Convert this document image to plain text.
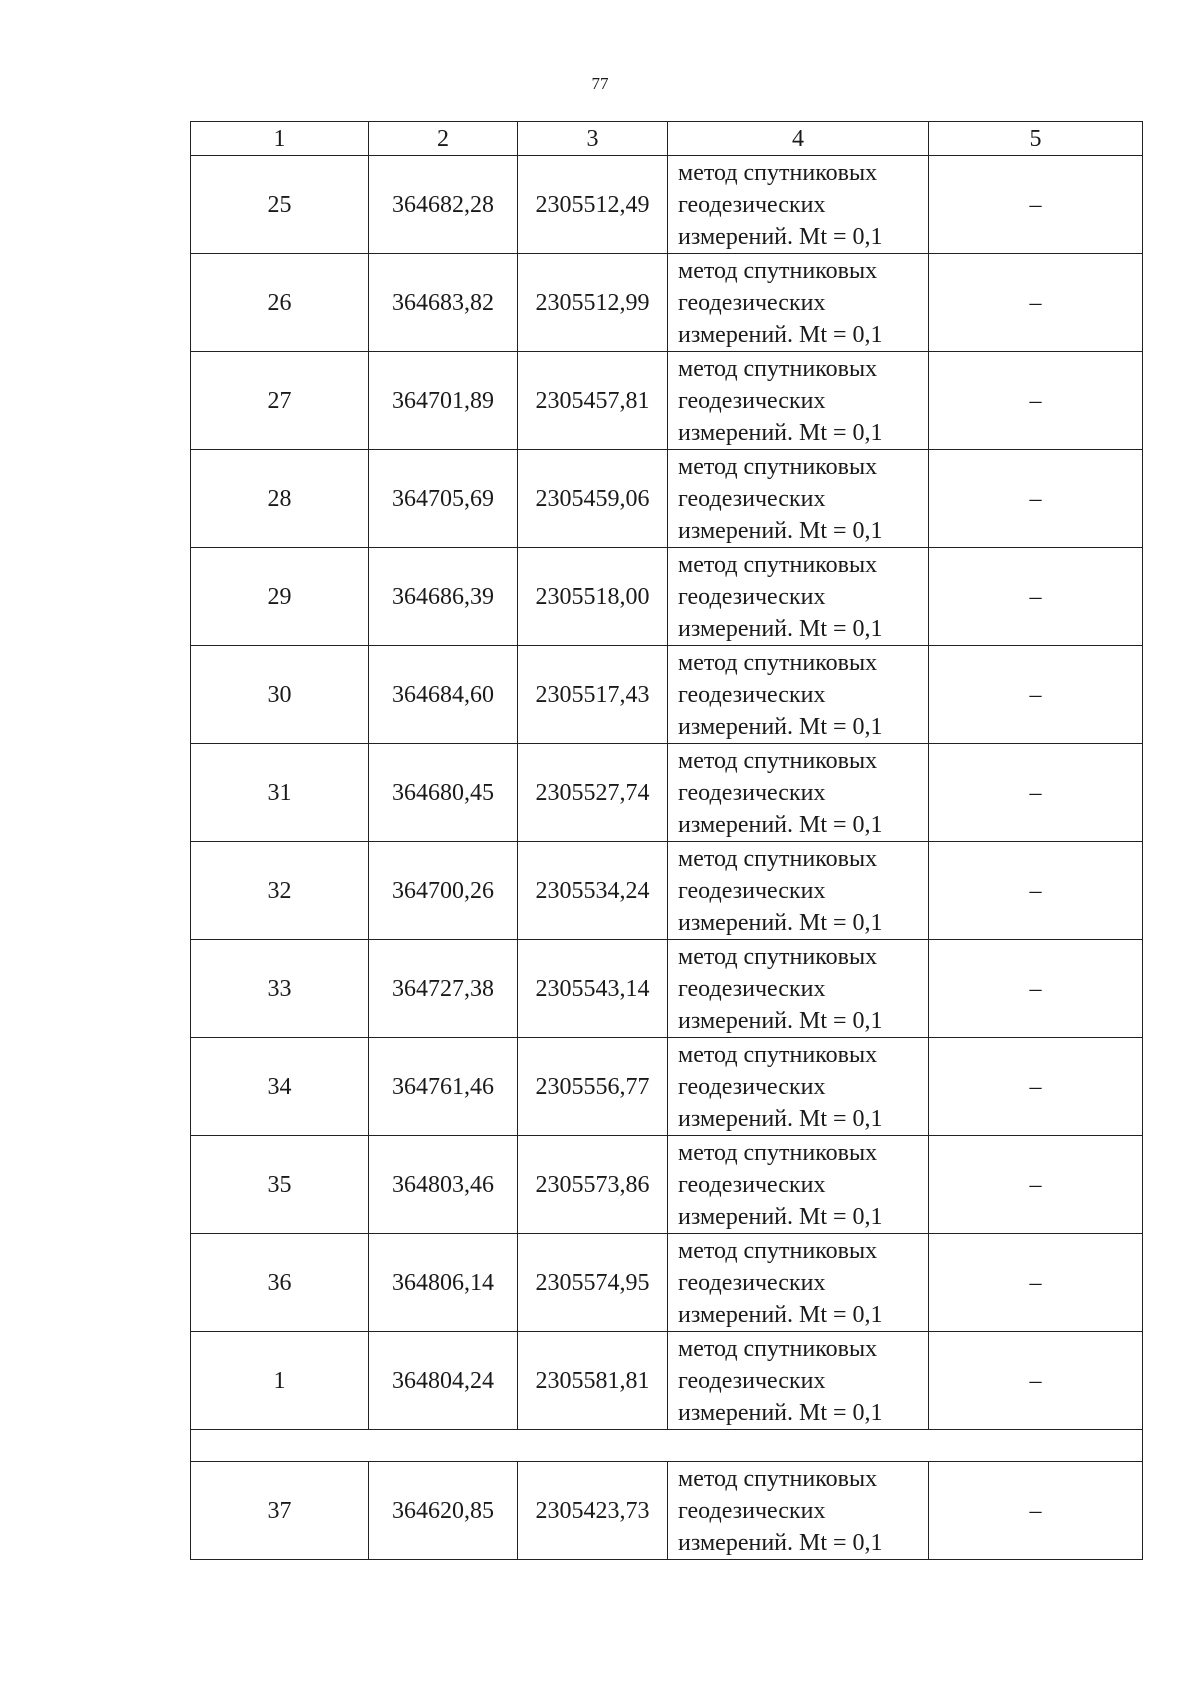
77
1	2	3	4	5
25	364682,28	2305512,49	метод спутниковых
геодезических
измерений. Mt = 0,1	–
26	364683,82	2305512,99	метод спутниковых
геодезических
измерений. Mt = 0,1	–
27	364701,89	2305457,81	метод спутниковых
геодезических
измерений. Mt = 0,1	–
28	364705,69	2305459,06	метод спутниковых
геодезических
измерений. Mt = 0,1	–
29	364686,39	2305518,00	метод спутниковых
геодезических
измерений. Mt = 0,1	–
30	364684,60	2305517,43	метод спутниковых
геодезических
измерений. Mt = 0,1	–
31	364680,45	2305527,74	метод спутниковых
геодезических
измерений. Mt = 0,1	–
32	364700,26	2305534,24	метод спутниковых
геодезических
измерений. Mt = 0,1	–
33	364727,38	2305543,14	метод спутниковых
геодезических
измерений. Mt = 0,1	–
34	364761,46	2305556,77	метод спутниковых
геодезических
измерений. Mt = 0,1	–
35	364803,46	2305573,86	метод спутниковых
геодезических
измерений. Mt = 0,1	–
36	364806,14	2305574,95	метод спутниковых
геодезических
измерений. Mt = 0,1	–
1	364804,24	2305581,81	метод спутниковых
геодезических
измерений. Mt = 0,1	–

37	364620,85	2305423,73	метод спутниковых
геодезических
измерений. Mt = 0,1	–
